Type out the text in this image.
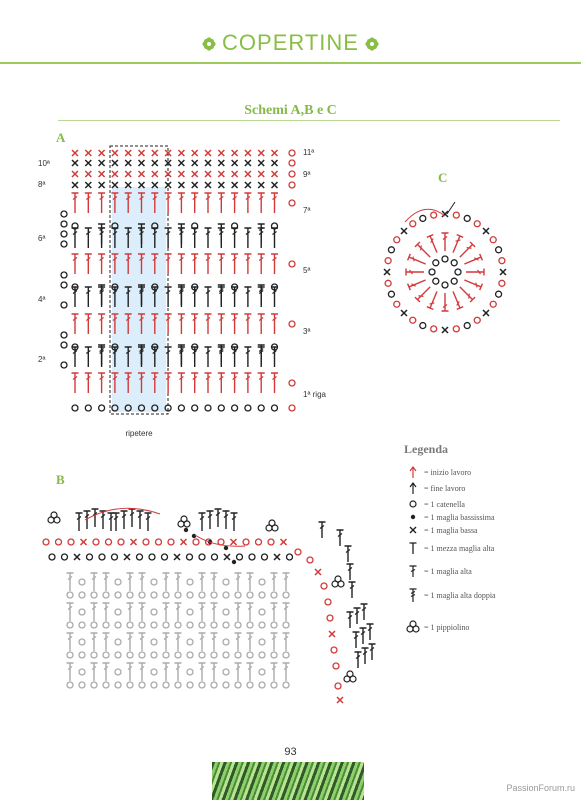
COPERTINE
Schemi A,B e C
A
C
B
10ª
8ª
6ª
4ª
2ª
11ª
9ª
7ª
5ª
3ª
1ª riga
ripetere
Legenda
= inizio lavoro
= fine lavoro
= 1 catenella
= 1 maglia bassissima
= 1 maglia bassa
= 1 mezza maglia alta
= 1 maglia alta
= 1 maglia alta doppia
= 1 pippiolino
93
PassionForum.ru
